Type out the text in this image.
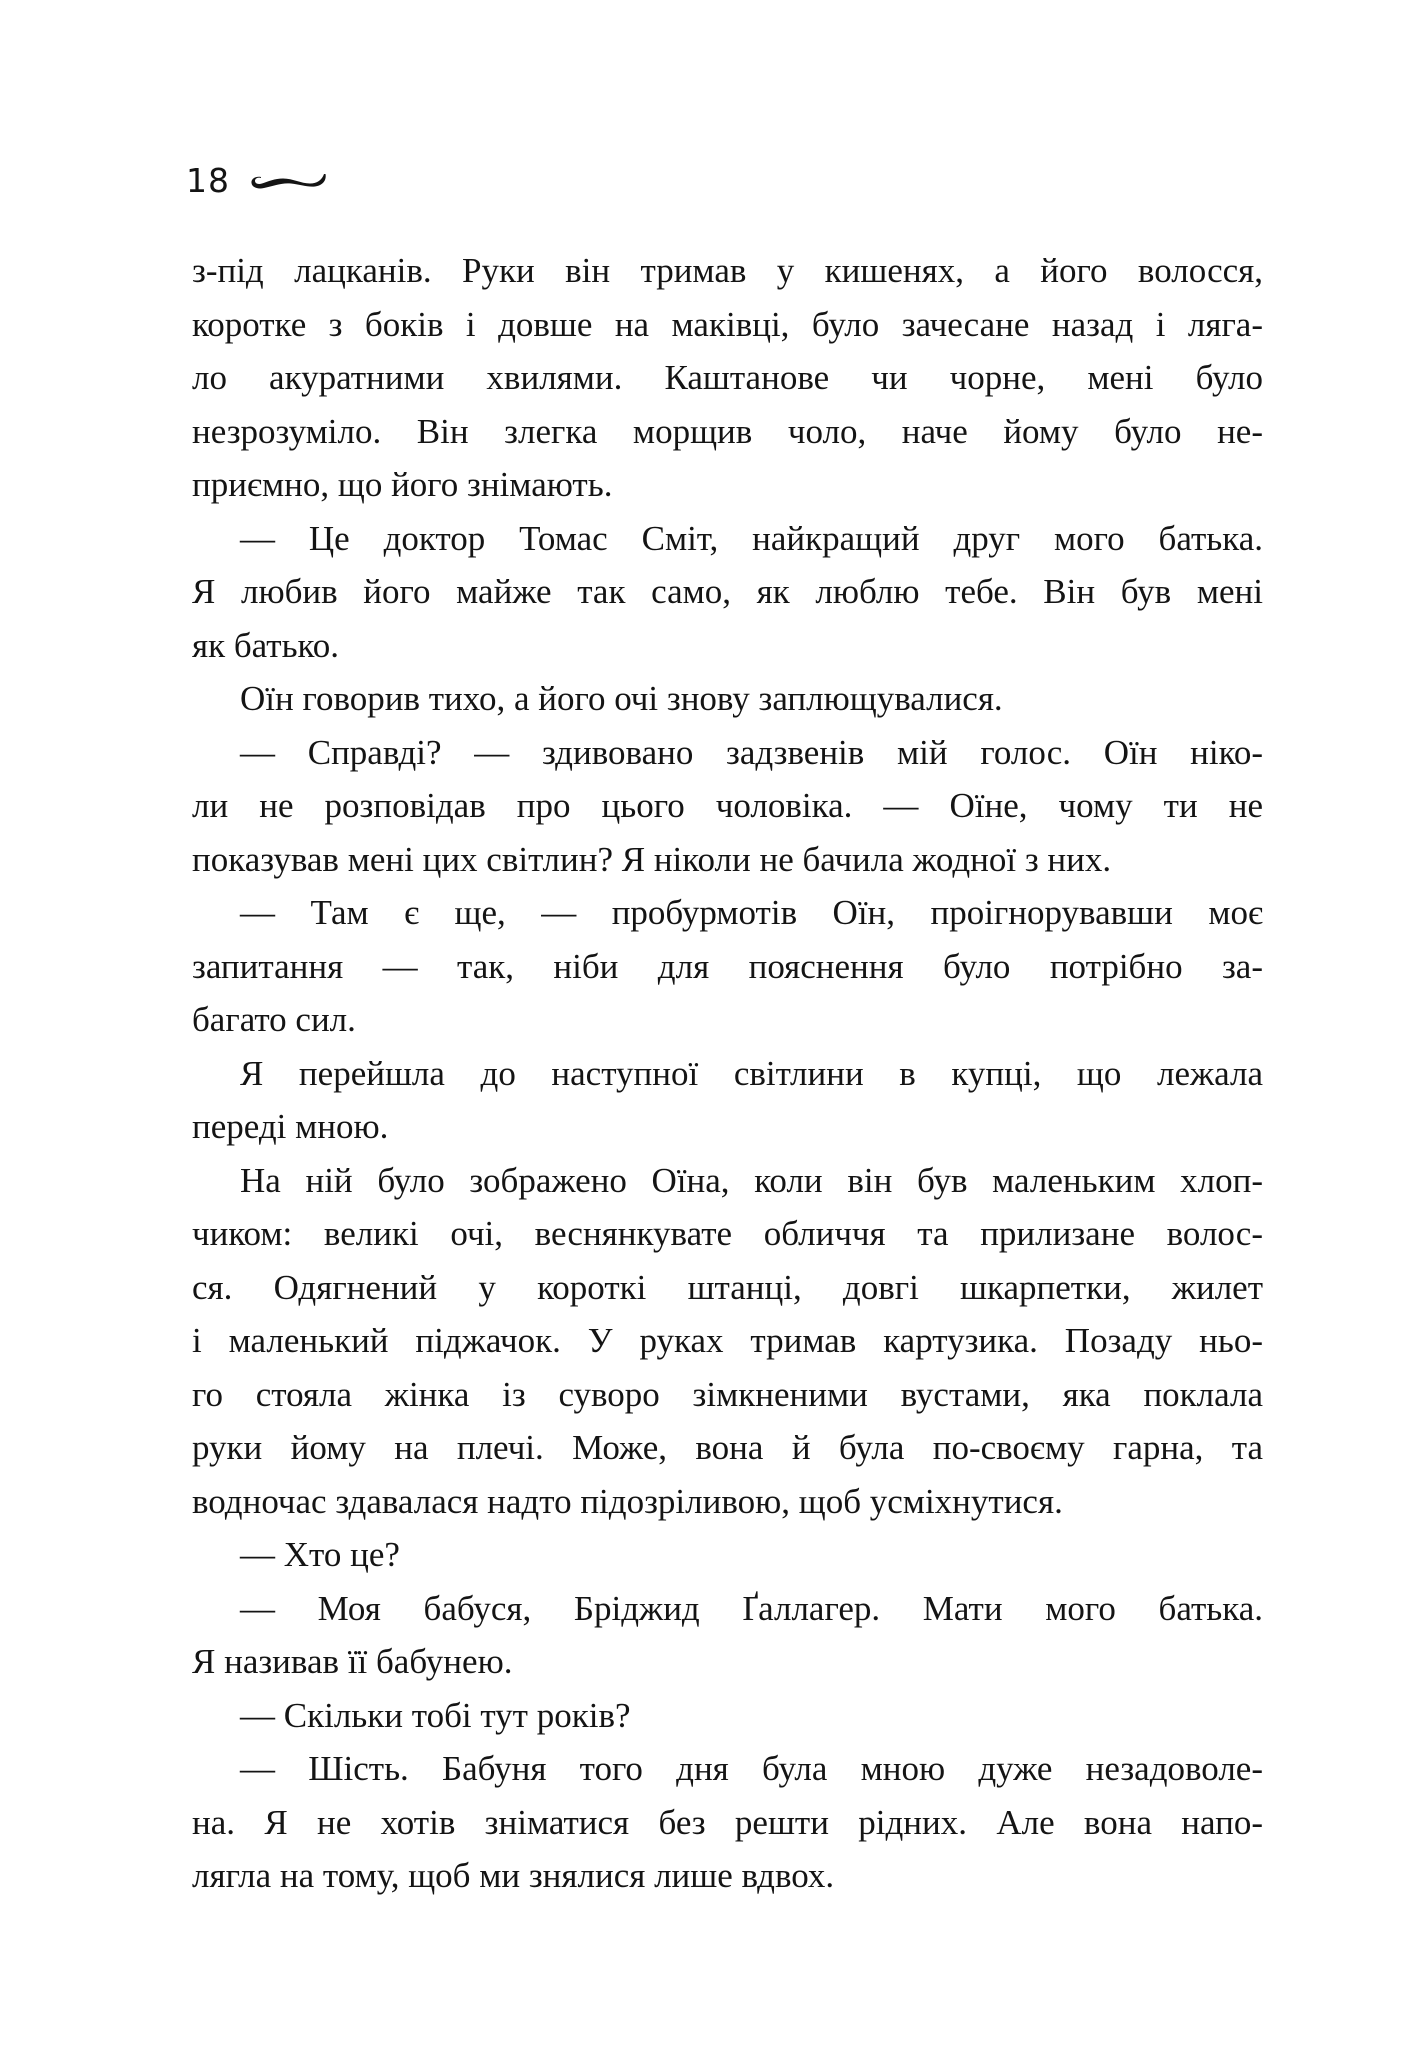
18

з-під лацканів. Руки він тримав у кишенях, а його волосся,
коротке з боків і довше на маківці, було зачесане назад і ляга-
ло акуратними хвилями. Каштанове чи чорне, мені було
незрозуміло. Він злегка морщив чоло, наче йому було не-
приємно, що його знімають.

— Це доктор Томас Сміт, найкращий друг мого батька.
Я любив його майже так само, як люблю тебе. Він був мені
як батько.

Оїн говорив тихо, а його очі знову заплющувалися.

— Справді? — здивовано задзвенів мій голос. Оїн ніко-
ли не розповідав про цього чоловіка. — Оїне, чому ти не
показував мені цих світлин? Я ніколи не бачила жодної з них.

— Там є ще, — пробурмотів Оїн, проігнорувавши моє
запитання — так, ніби для пояснення було потрібно за-
багато сил.

Я перейшла до наступної світлини в купці, що лежала
переді мною.

На ній було зображено Оїна, коли він був маленьким хлоп-
чиком: великі очі, веснянкувате обличчя та прилизане волос-
ся. Одягнений у короткі штанці, довгі шкарпетки, жилет
і маленький піджачок. У руках тримав картузика. Позаду ньо-
го стояла жінка із суворо зімкненими вустами, яка поклала
руки йому на плечі. Може, вона й була по-своєму гарна, та
водночас здавалася надто підозріливою, щоб усміхнутися.

— Хто це?

— Моя бабуся, Бріджид Ґаллагер. Мати мого батька.
Я називав її бабунею.

— Скільки тобі тут років?

— Шість. Бабуня того дня була мною дуже незадоволе-
на. Я не хотів зніматися без решти рідних. Але вона напо-
лягла на тому, щоб ми знялися лише вдвох.
